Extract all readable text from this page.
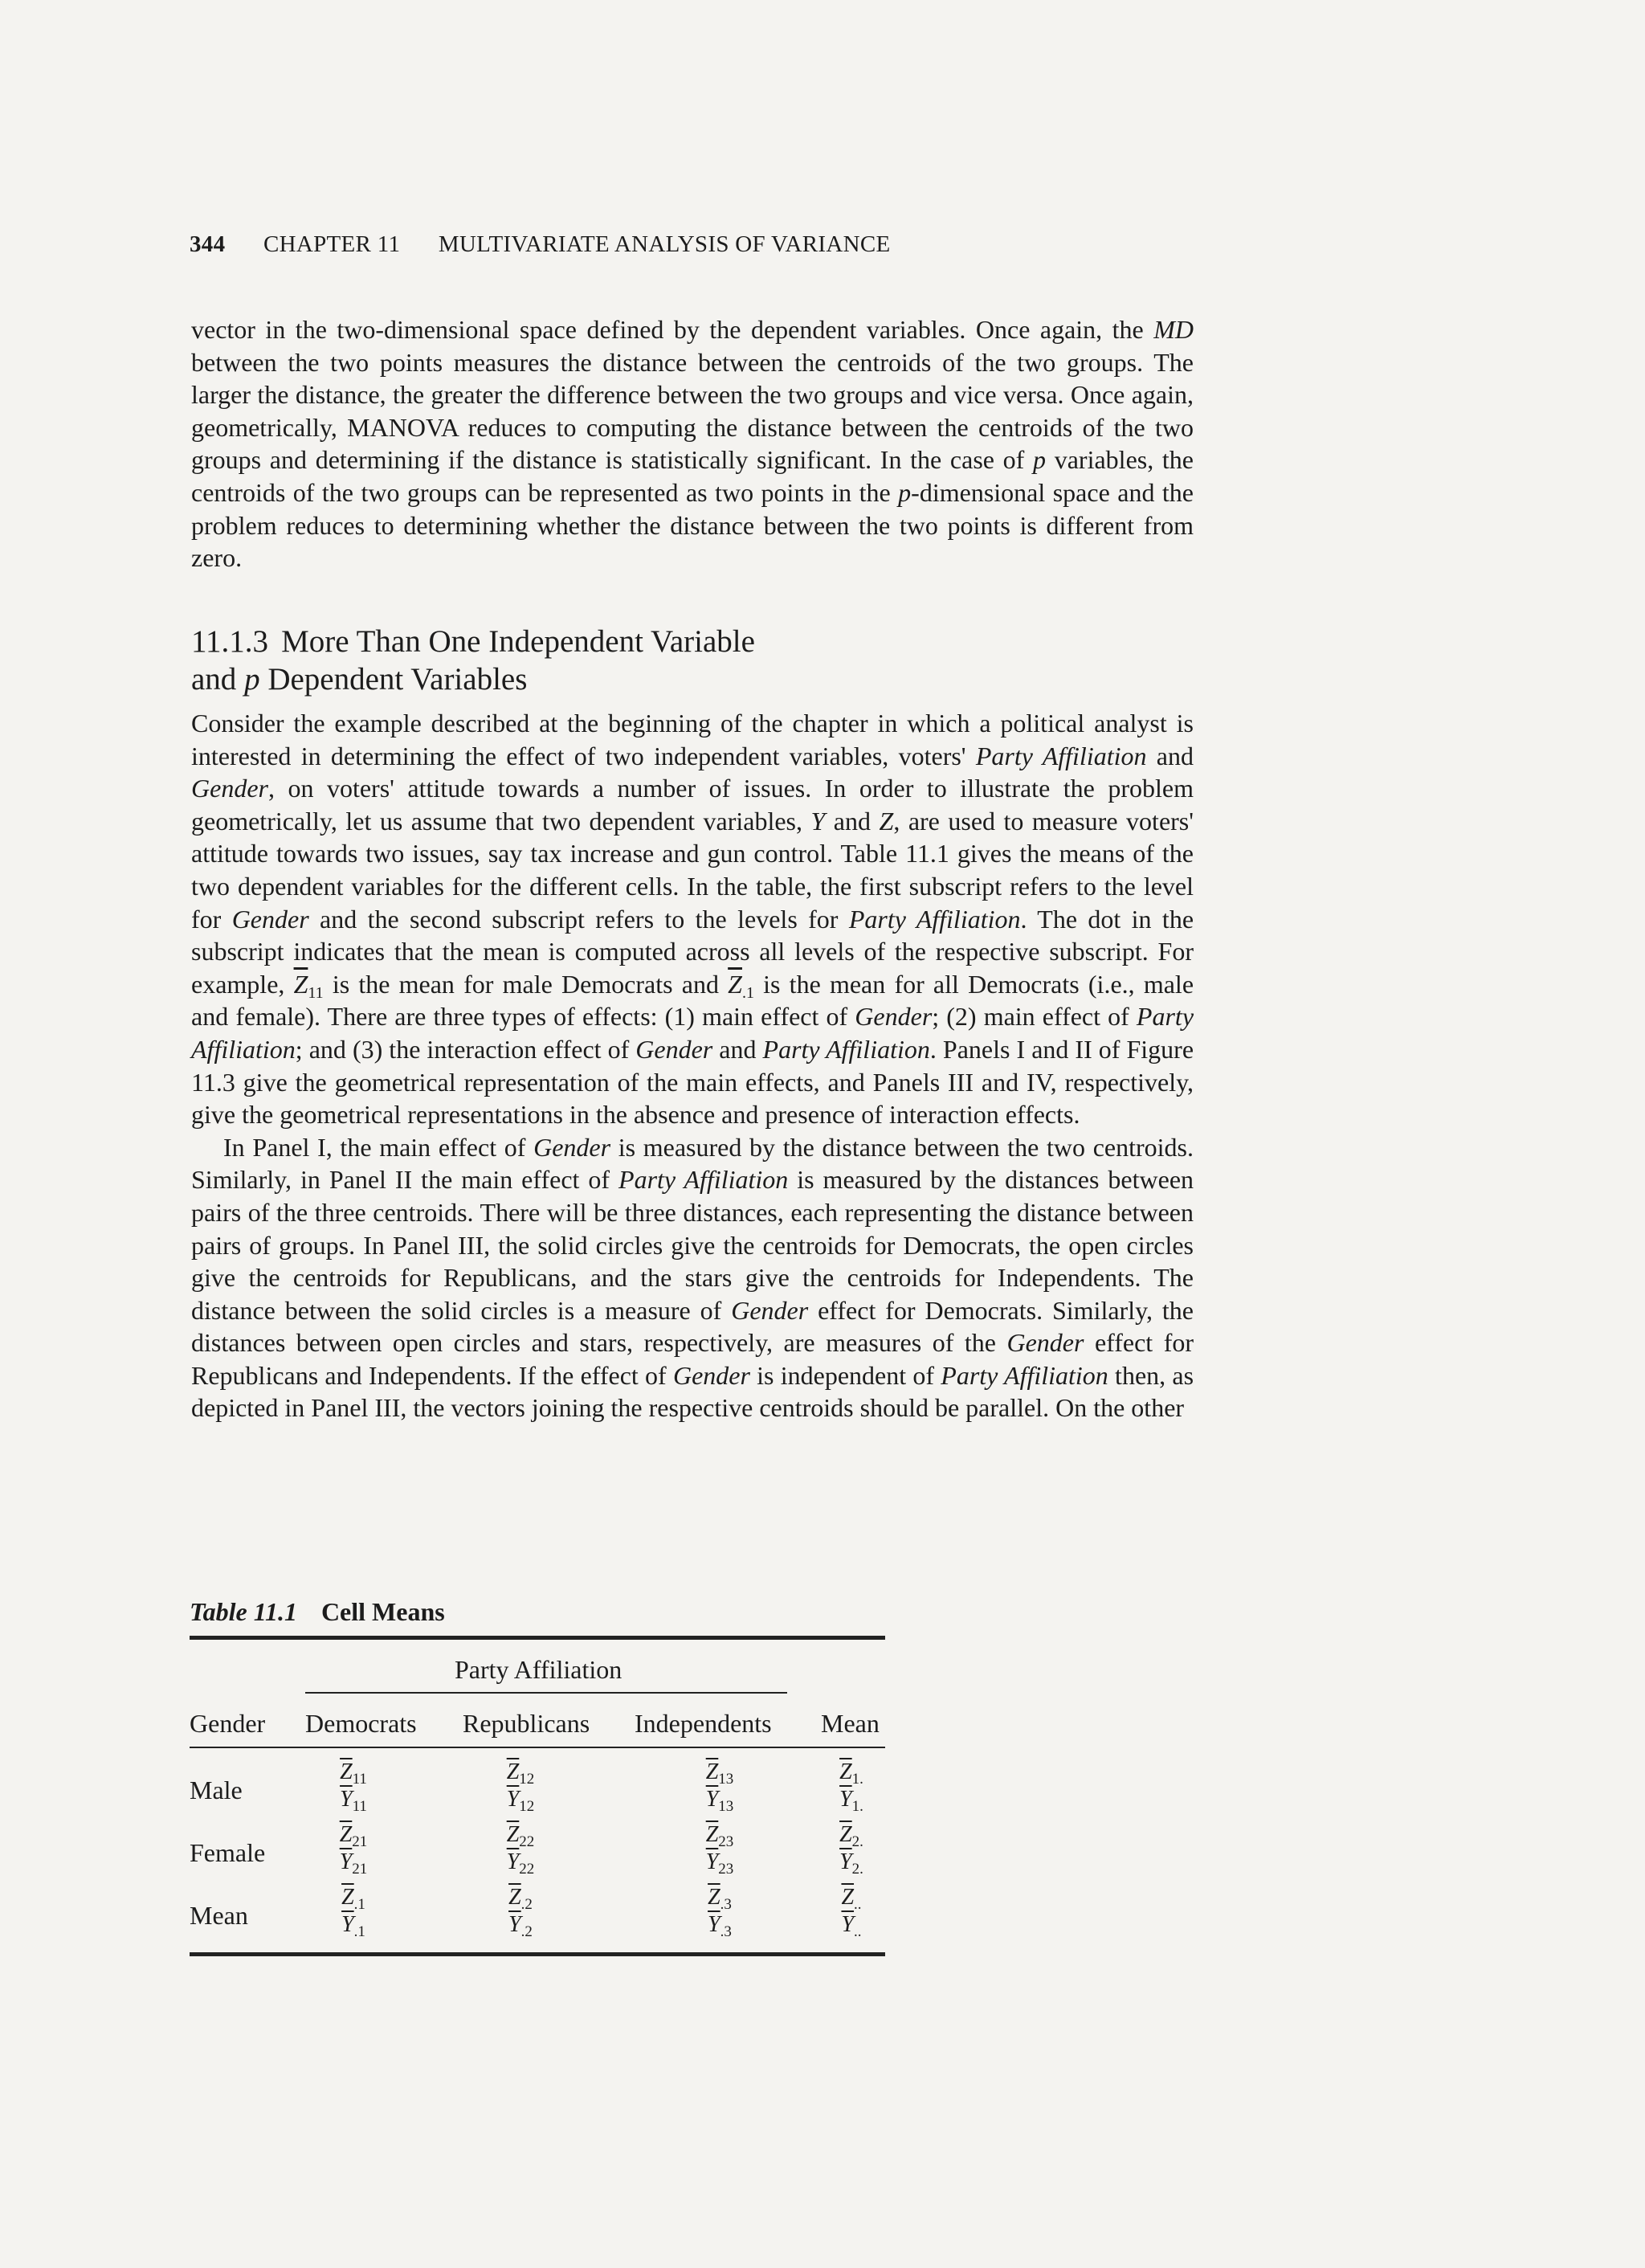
344 CHAPTER 11 MULTIVARIATE ANALYSIS OF VARIANCE

vector in the two-dimensional space defined by the dependent variables. Once again, the MD between the two points measures the distance between the centroids of the two groups. The larger the distance, the greater the difference between the two groups and vice versa. Once again, geometrically, MANOVA reduces to computing the distance between the centroids of the two groups and determining if the distance is statistically significant. In the case of p variables, the centroids of the two groups can be represented as two points in the p-dimensional space and the problem reduces to determining whether the distance between the two points is different from zero.

11.1.3 More Than One Independent Variable
and p Dependent Variables

Consider the example described at the beginning of the chapter in which a political analyst is interested in determining the effect of two independent variables, voters' Party Affiliation and Gender, on voters' attitude towards a number of issues. In order to illustrate the problem geometrically, let us assume that two dependent variables, Y and Z, are used to measure voters' attitude towards two issues, say tax increase and gun control. Table 11.1 gives the means of the two dependent variables for the different cells. In the table, the first subscript refers to the level for Gender and the second subscript refers to the levels for Party Affiliation. The dot in the subscript indicates that the mean is computed across all levels of the respective subscript. For example, $\overline{Z}_{11}$ is the mean for male Democrats and $\overline{Z}_{.1}$ is the mean for all Democrats (i.e., male and female). There are three types of effects: (1) main effect of Gender; (2) main effect of Party Affiliation; and (3) the interaction effect of Gender and Party Affiliation. Panels I and II of Figure 11.3 give the geometrical representation of the main effects, and Panels III and IV, respectively, give the geometrical representations in the absence and presence of interaction effects.

In Panel I, the main effect of Gender is measured by the distance between the two centroids. Similarly, in Panel II the main effect of Party Affiliation is measured by the distances between pairs of the three centroids. There will be three distances, each representing the distance between pairs of groups. In Panel III, the solid circles give the centroids for Democrats, the open circles give the centroids for Republicans, and the stars give the centroids for Independents. The distance between the solid circles is a measure of Gender effect for Democrats. Similarly, the distances between open circles and stars, respectively, are measures of the Gender effect for Republicans and Independents. If the effect of Gender is independent of Party Affiliation then, as depicted in Panel III, the vectors joining the respective centroids should be parallel. On the other

Table 11.1 Cell Means
Party Affiliation
Gender Democrats Republicans Independents Mean
Male
Female
Mean
$\overline{Z}_{11}$
$\overline{Y}_{11}$
$\overline{Z}_{12}$
$\overline{Y}_{12}$
$\overline{Z}_{13}$
$\overline{Y}_{13}$
$\overline{Z}_{1.}$
$\overline{Y}_{1.}$
$\overline{Z}_{21}$
$\overline{Y}_{21}$
$\overline{Z}_{22}$
$\overline{Y}_{22}$
$\overline{Z}_{23}$
$\overline{Y}_{23}$
$\overline{Z}_{2.}$
$\overline{Y}_{2.}$
$\overline{Z}_{.1}$
$\overline{Y}_{.1}$
$\overline{Z}_{.2}$
$\overline{Y}_{.2}$
$\overline{Z}_{.3}$
$\overline{Y}_{.3}$
$\overline{Z}_{..}$
$\overline{Y}_{..}$
